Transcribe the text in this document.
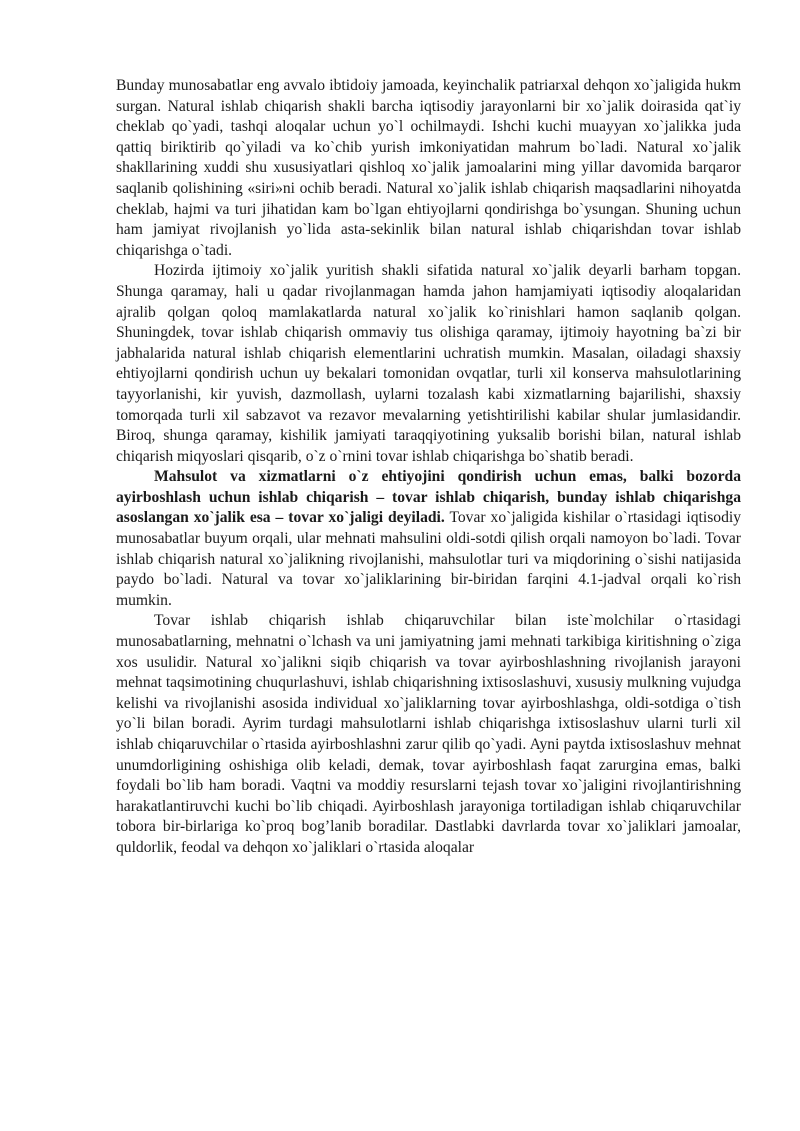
Bunday munosabatlar eng avvalo ibtidoiy jamoada, keyinchalik patriarxal dehqon xo`jaligida hukm surgan. Natural ishlab chiqarish shakli barcha iqtisodiy jarayonlarni bir xo`jalik doirasida qat`iy cheklab qo`yadi, tashqi aloqalar uchun yo`l ochilmaydi. Ishchi kuchi muayyan xo`jalikka juda qattiq biriktirib qo`yiladi va ko`chib yurish imkoniyatidan mahrum bo`ladi. Natural xo`jalik shakllarining xuddi shu xususiyatlari qishloq xo`jalik jamoalarini ming yillar davomida barqaror saqlanib qolishining «siri»ni ochib beradi. Natural xo`jalik ishlab chiqarish maqsadlarini nihoyatda cheklab, hajmi va turi jihatidan kam bo`lgan ehtiyojlarni qondirishga bo`ysungan. Shuning uchun ham jamiyat rivojlanish yo`lida asta-sekinlik bilan natural ishlab chiqarishdan tovar ishlab chiqarishga o`tadi.

Hozirda ijtimoiy xo`jalik yuritish shakli sifatida natural xo`jalik deyarli barham topgan. Shunga qaramay, hali u qadar rivojlanmagan hamda jahon hamjamiyati iqtisodiy aloqalaridan ajralib qolgan qoloq mamlakatlarda natural xo`jalik ko`rinishlari hamon saqlanib qolgan. Shuningdek, tovar ishlab chiqarish ommaviy tus olishiga qaramay, ijtimoiy hayotning ba`zi bir jabhalarida natural ishlab chiqarish elementlarini uchratish mumkin. Masalan, oiladagi shaxsiy ehtiyojlarni qondirish uchun uy bekalari tomonidan ovqatlar, turli xil konserva mahsulotlarining tayyorlanishi, kir yuvish, dazmollash, uylarni tozalash kabi xizmatlarning bajarilishi, shaxsiy tomorqada turli xil sabzavot va rezavor mevalarning yetishtirilishi kabilar shular jumlasidandir. Biroq, shunga qaramay, kishilik jamiyati taraqqiyotining yuksalib borishi bilan, natural ishlab chiqarish miqyoslari qisqarib, o`z o`rnini tovar ishlab chiqarishga bo`shatib beradi.

Mahsulot va xizmatlarni o`z ehtiyojini qondirish uchun emas, balki bozorda ayirboshlash uchun ishlab chiqarish – tovar ishlab chiqarish, bunday ishlab chiqarishga asoslangan xo`jalik esa – tovar xo`jaligi deyiladi. Tovar xo`jaligida kishilar o`rtasidagi iqtisodiy munosabatlar buyum orqali, ular mehnati mahsulini oldi-sotdi qilish orqali namoyon bo`ladi. Tovar ishlab chiqarish natural xo`jalikning rivojlanishi, mahsulotlar turi va miqdorining o`sishi natijasida paydo bo`ladi. Natural va tovar xo`jaliklarining bir-biridan farqini 4.1-jadval orqali ko`rish mumkin.

Tovar ishlab chiqarish ishlab chiqaruvchilar bilan iste`molchilar o`rtasidagi munosabatlarning, mehnatni o`lchash va uni jamiyatning jami mehnati tarkibiga kiritishning o`ziga xos usulidir. Natural xo`jalikni siqib chiqarish va tovar ayirboshlashning rivojlanish jarayoni mehnat taqsimotining chuqurlashuvi, ishlab chiqarishning ixtisoslashuvi, xususiy mulkning vujudga kelishi va rivojlanishi asosida individual xo`jaliklarning tovar ayirboshlashga, oldi-sotdiga o`tish yo`li bilan boradi. Ayrim turdagi mahsulotlarni ishlab chiqarishga ixtisoslashuv ularni turli xil ishlab chiqaruvchilar o`rtasida ayirboshlashni zarur qilib qo`yadi. Ayni paytda ixtisoslashuv mehnat unumdorligining oshishiga olib keladi, demak, tovar ayirboshlash faqat zarurgina emas, balki foydali bo`lib ham boradi. Vaqtni va moddiy resurslarni tejash tovar xo`jaligini rivojlantirishning harakatlantiruvchi kuchi bo`lib chiqadi. Ayirboshlash jarayoniga tortiladigan ishlab chiqaruvchilar tobora bir-birlariga ko`proq bog’lanib boradilar. Dastlabki davrlarda tovar xo`jaliklari jamoalar, quldorlik, feodal va dehqon xo`jaliklari o`rtasida aloqalar
